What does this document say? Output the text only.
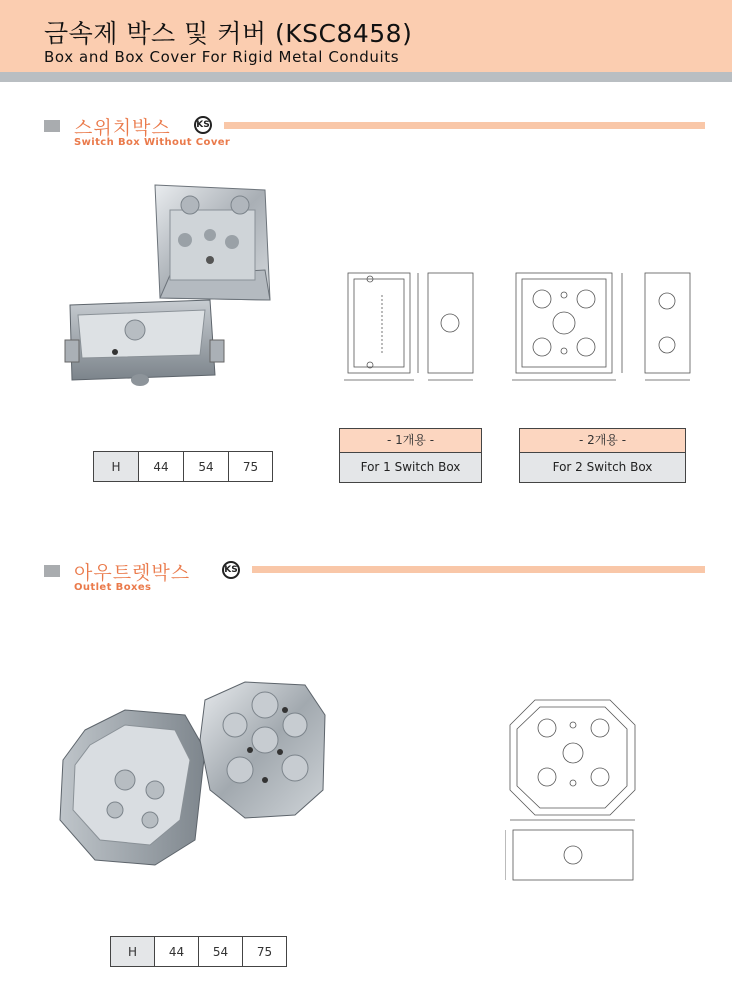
금속제 박스 및 커버 (KSC8458)
Box and Box Cover For Rigid Metal Conduits
스위치박스	KS
Switch Box Without Cover
H	44	54	75
- 1개용 -
For 1 Switch Box
- 2개용 -
For 2 Switch Box
아우트렛박스	KS
Outlet Boxes
H	44	54	75
